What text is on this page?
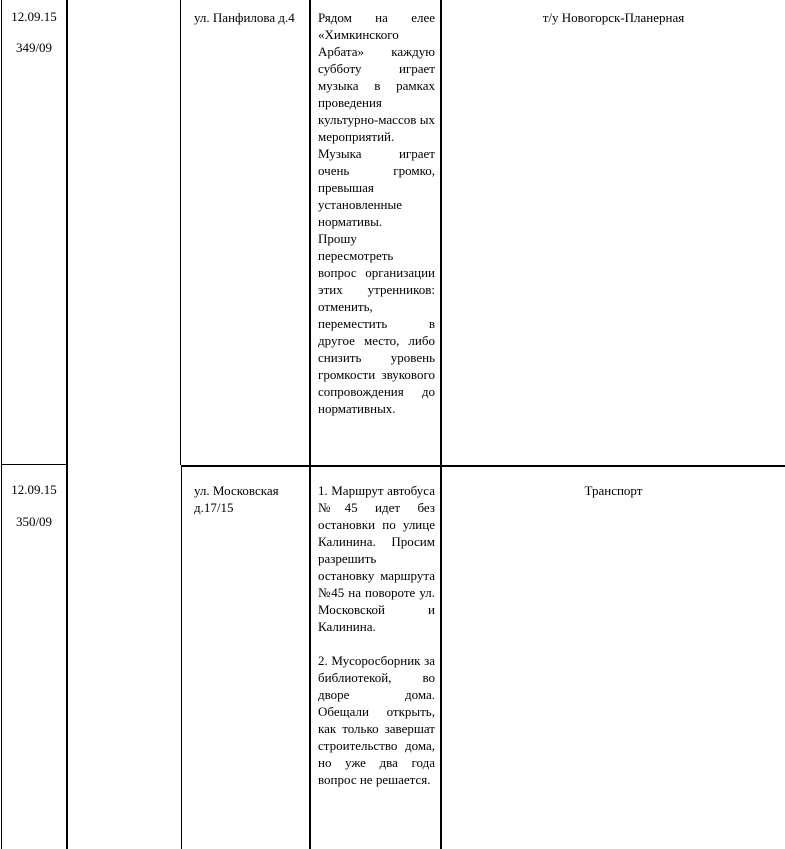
12.09.15
349/09
ул. Панфилова д.4	Рядом на елее «Химкинского Арбата» каждую субботу играет музыка в рамках проведения культурно-массов ых мероприятий. Музыка играет очень громко, превышая установленные нормативы.

Прошу пересмотреть вопрос организации этих утренников: отменить, переместить в другое место, либо снизить уровень громкости звукового сопровождения до нормативных.

т/у Новогорск-Планерная
12.09.15
350/09
ул. Московская д.17/15

1. Маршрут автобуса №45 идет без остановки по улице Калинина. Просим разрешить остановку маршрута №45 на повороте ул. Московской и Калинина.

2. Мусоросборник за библиотекой, во дворе дома. Обещали открыть, как только завершат строительство дома, но уже два года вопрос не решается.

Транспорт
